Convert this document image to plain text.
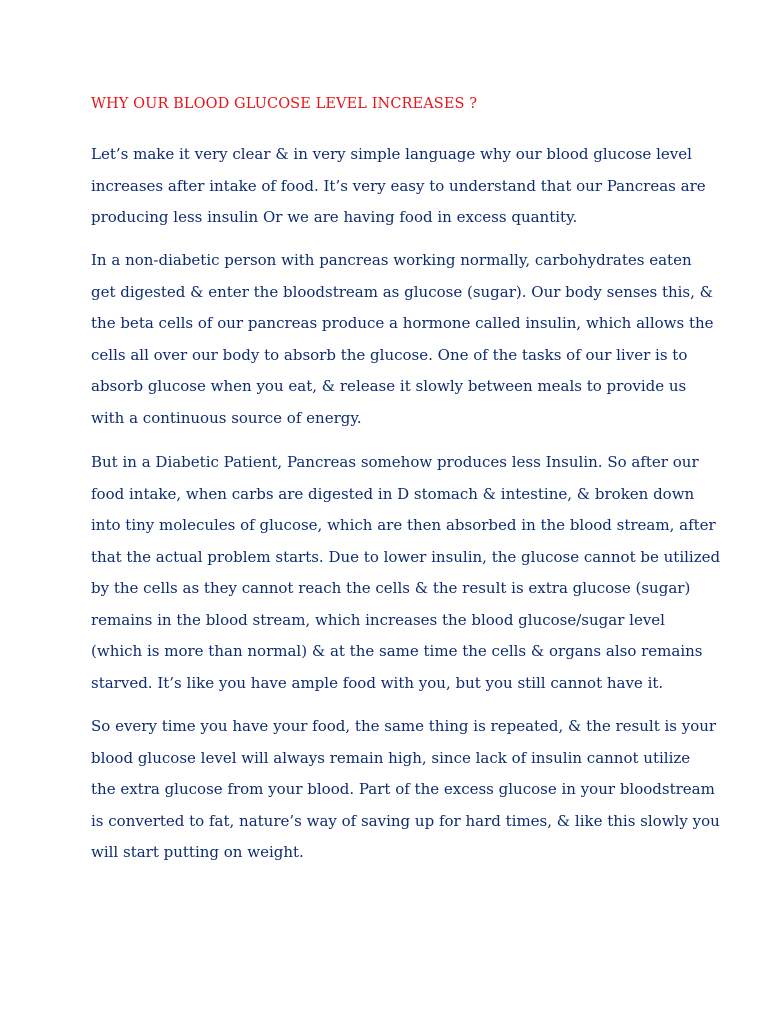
WHY OUR BLOOD GLUCOSE LEVEL INCREASES ?
Let’s make it very clear & in very simple language why our blood glucose level
increases after intake of food. It’s very easy to understand that our Pancreas are
producing less insulin Or we are having food in excess quantity.
In a non-diabetic person with pancreas working normally, carbohydrates eaten
get digested & enter the bloodstream as glucose (sugar). Our body senses this, &
the beta cells of our pancreas produce a hormone called insulin, which allows the
cells all over our body to absorb the glucose. One of the tasks of our liver is to
absorb glucose when you eat, & release it slowly between meals to provide us
with a continuous source of energy.
But in a Diabetic Patient, Pancreas somehow produces less Insulin. So after our
food intake, when carbs are digested in D stomach & intestine, & broken down
into tiny molecules of glucose, which are then absorbed in the blood stream, after
that the actual problem starts. Due to lower insulin, the glucose cannot be utilized
by the cells as they cannot reach the cells & the result is extra glucose (sugar)
remains in the blood stream, which increases the blood glucose/sugar level
(which is more than normal) & at the same time the cells & organs also remains
starved. It’s like you have ample food with you, but you still cannot have it.
So every time you have your food, the same thing is repeated, & the result is your
blood glucose level will always remain high, since lack of insulin cannot utilize
the extra glucose from your blood. Part of the excess glucose in your bloodstream
is converted to fat, nature’s way of saving up for hard times, & like this slowly you
will start putting on weight.
